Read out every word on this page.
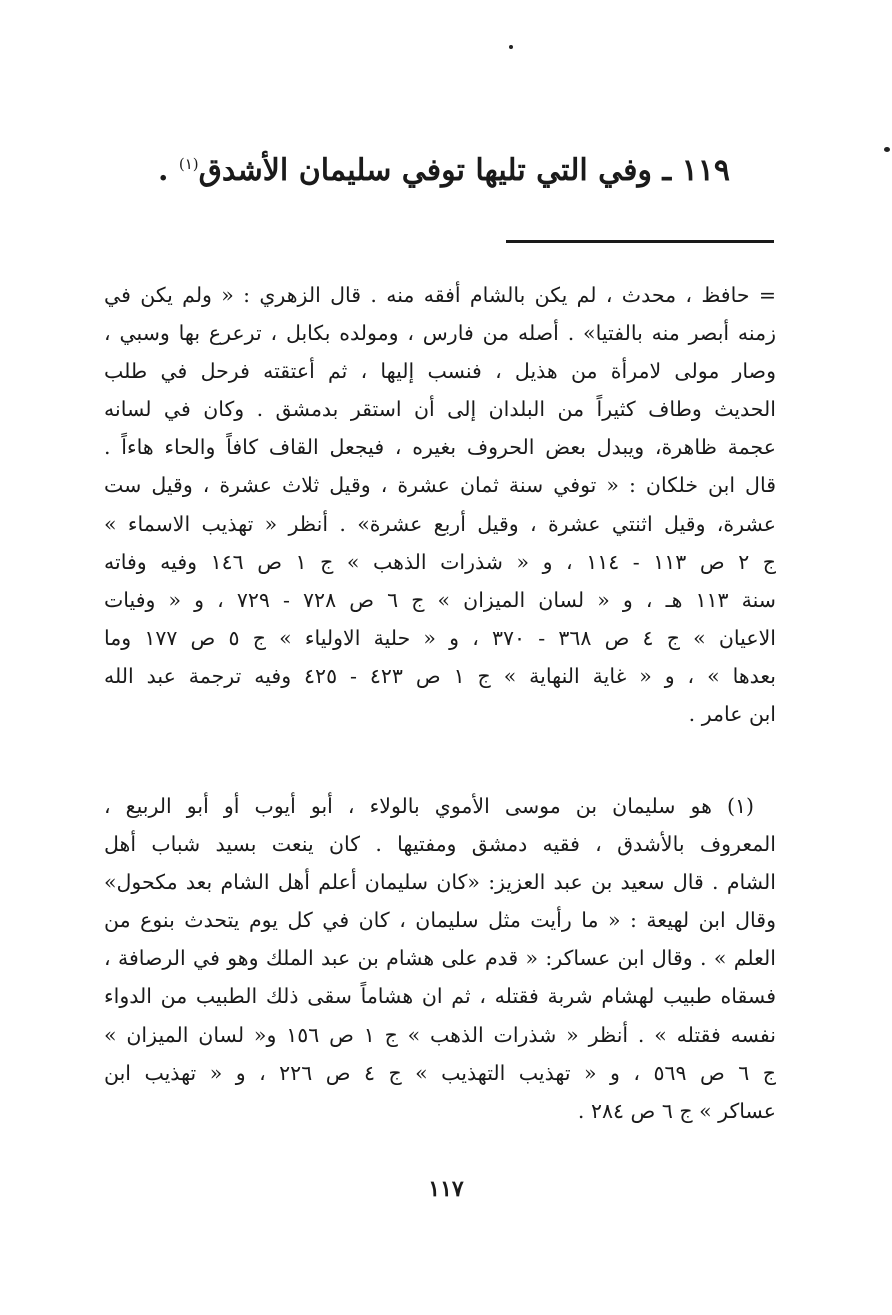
١١٩ ـ وفي التي تليها توفي سليمان الأشدق$^{(١)}$ .
= حافظ ، محدث ، لم يكن بالشام أفقه منه . قال الزهري : « ولم يكن في
زمنه أبصر منه بالفتيا» . أصله من فارس ، ومولده بكابل ، ترعرع بها وسبي ،
وصار مولى لامرأة من هذيل ، فنسب إليها ، ثم أعتقته فرحل في طلب
الحديث وطاف كثيراً من البلدان إلى أن استقر بدمشق . وكان في لسانه
عجمة ظاهرة، ويبدل بعض الحروف بغيره ، فيجعل القاف كافاً والحاء هاءاً .
قال ابن خلكان : « توفي سنة ثمان عشرة ، وقيل ثلاث عشرة ، وقيل ست
عشرة، وقيل اثنتي عشرة ، وقيل أربع عشرة» . أنظر « تهذيب الاسماء »
ج ٢ ص ١١٣ - ١١٤ ، و « شذرات الذهب » ج ١ ص ١٤٦ وفيه وفاته
سنة ١١٣ هـ ، و « لسان الميزان » ج ٦ ص ٧٢٨ - ٧٢٩ ، و « وفيات
الاعيان » ج ٤ ص ٣٦٨ - ٣٧٠ ، و « حلية الاولياء » ج ٥ ص ١٧٧ وما
بعدها » ، و « غاية النهاية » ج ١ ص ٤٢٣ - ٤٢٥ وفيه ترجمة عبد الله
ابن عامر .
(١) هو سليمان بن موسى الأموي بالولاء ، أبو أيوب أو أبو الربيع ،
المعروف بالأشدق ، فقيه دمشق ومفتيها . كان ينعت بسيد شباب أهل
الشام . قال سعيد بن عبد العزيز: «كان سليمان أعلم أهل الشام بعد مكحول»
وقال ابن لهيعة : « ما رأيت مثل سليمان ، كان في كل يوم يتحدث بنوع من
العلم » . وقال ابن عساكر: « قدم على هشام بن عبد الملك وهو في الرصافة ،
فسقاه طبيب لهشام شربة فقتله ، ثم ان هشاماً سقى ذلك الطبيب من الدواء
نفسه فقتله » . أنظر « شذرات الذهب » ج ١ ص ١٥٦ و« لسان الميزان »
ج ٦ ص ٥٦٩ ، و « تهذيب التهذيب » ج ٤ ص ٢٢٦ ، و « تهذيب ابن
عساكر » ج ٦ ص ٢٨٤ .
١١٧
